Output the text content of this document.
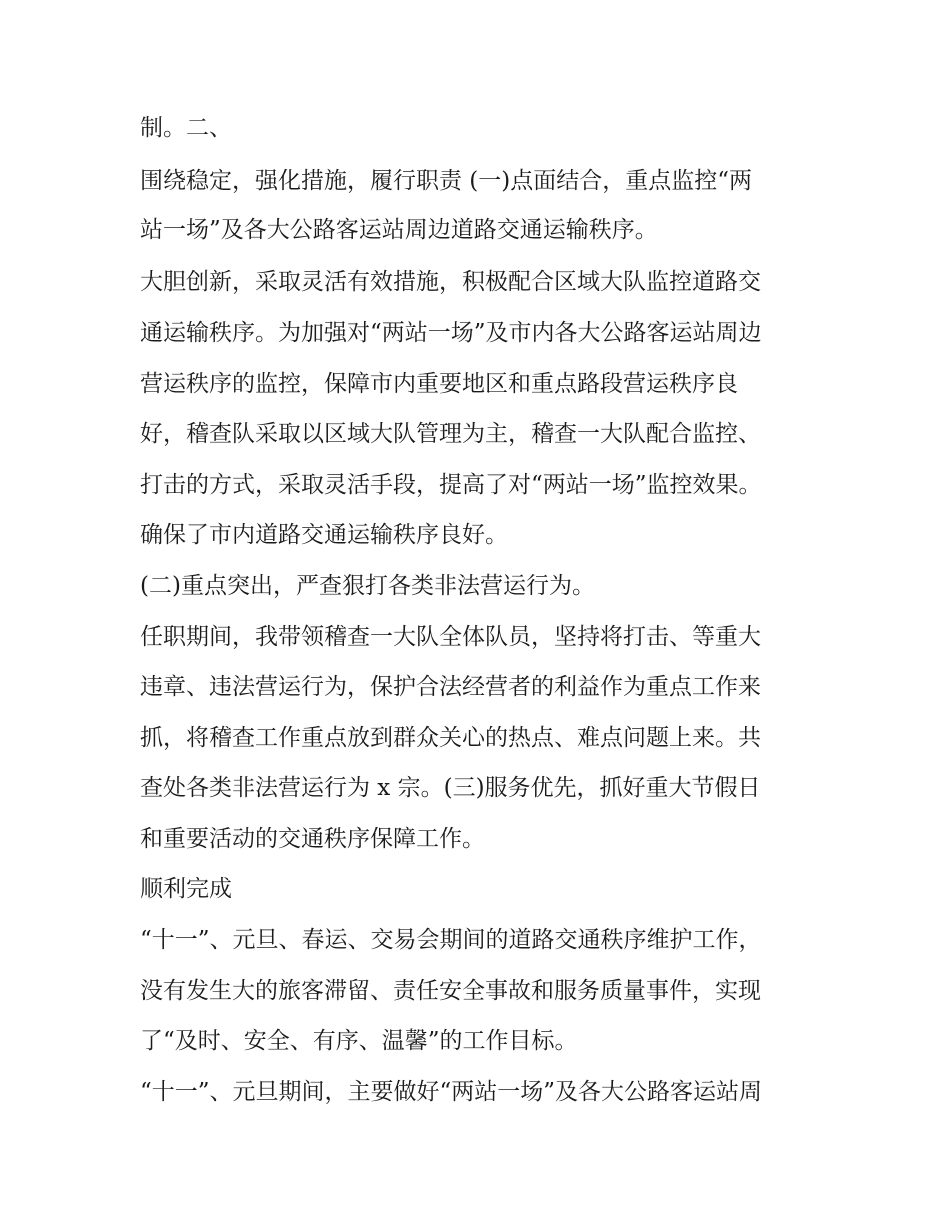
制。二、

围绕稳定，强化措施，履行职责 (一)点面结合，重点监控“两

站一场”及各大公路客运站周边道路交通运输秩序。

大胆创新，采取灵活有效措施，积极配合区域大队监控道路交

通运输秩序。为加强对“两站一场”及市内各大公路客运站周边

营运秩序的监控，保障市内重要地区和重点路段营运秩序良

好，稽查队采取以区域大队管理为主，稽查一大队配合监控、

打击的方式，采取灵活手段，提高了对“两站一场”监控效果。

确保了市内道路交通运输秩序良好。

(二)重点突出，严查狠打各类非法营运行为。

任职期间，我带领稽查一大队全体队员，坚持将打击、等重大

违章、违法营运行为，保护合法经营者的利益作为重点工作来

抓，将稽查工作重点放到群众关心的热点、难点问题上来。共

查处各类非法营运行为 x 宗。(三)服务优先，抓好重大节假日

和重要活动的交通秩序保障工作。

顺利完成

“十一”、元旦、春运、交易会期间的道路交通秩序维护工作，

没有发生大的旅客滞留、责任安全事故和服务质量事件，实现

了“及时、安全、有序、温馨”的工作目标。

“十一”、元旦期间，主要做好“两站一场”及各大公路客运站周
